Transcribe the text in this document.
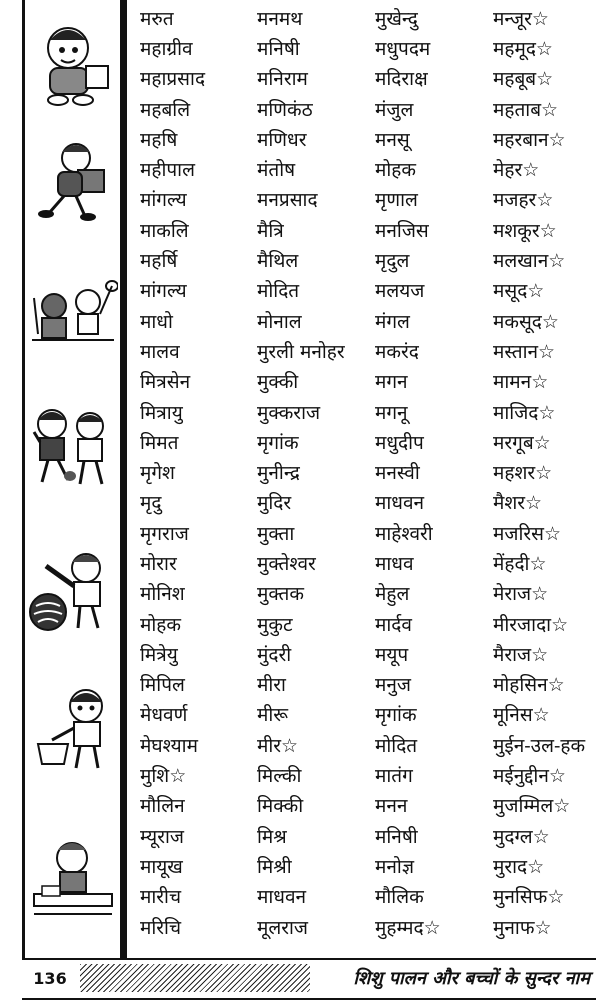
मरुत	मनमथ	मुखेन्दु	मन्जूर☆
महाग्रीव	मनिषी	मधुपदम	महमूद☆
महाप्रसाद	मनिराम	मदिराक्ष	महबूब☆
महबलि	मणिकंठ	मंजुल	महताब☆
महषि	मणिधर	मनसू	महरबान☆
महीपाल	मंतोष	मोहक	मेहर☆
मांगल्य	मनप्रसाद	मृणाल	मजहर☆
माकलि	मैत्रि	मनजिस	मशकूर☆
महर्षि	मैथिल	मृदुल	मलखान☆
मांगल्य	मोदित	मलयज	मसूद☆
माधो	मोनाल	मंगल	मकसूद☆
मालव	मुरली मनोहर	मकरंद	मस्तान☆
मित्रसेन	मुक्की	मगन	मामन☆
मित्रायु	मुक्कराज	मगनू	माजिद☆
मिमत	मृगांक	मधुदीप	मरगूब☆
मृगेश	मुनीन्द्र	मनस्वी	महशर☆
मृदु	मुदिर	माधवन	मैशर☆
मृगराज	मुक्ता	माहेश्वरी	मजरिस☆
मोरार	मुक्तेश्वर	माधव	मेंहदी☆
मोनिश	मुक्तक	मेहुल	मेराज☆
मोहक	मुकुट	मार्दव	मीरजादा☆
मित्रेयु	मुंदरी	मयूप	मैराज☆
मिपिल	मीरा	मनुज	मोहसिन☆
मेधवर्ण	मीरू	मृगांक	मूनिस☆
मेघश्याम	मीर☆	मोदित	मुईन-उल-हक
मुशि☆	मिल्की	मातंग	मईनुद्दीन☆
मौलिन	मिक्की	मनन	मुजम्मिल☆
म्यूराज	मिश्र	मनिषी	मुदग्ल☆
मायूख	मिश्री	मनोज्ञ	मुराद☆
मारीच	माधवन	मौलिक	मुनसिफ☆
मरिचि	मूलराज	मुहम्मद☆	मुनाफ☆
136	शिशु पालन और बच्चों के सुन्दर नाम
